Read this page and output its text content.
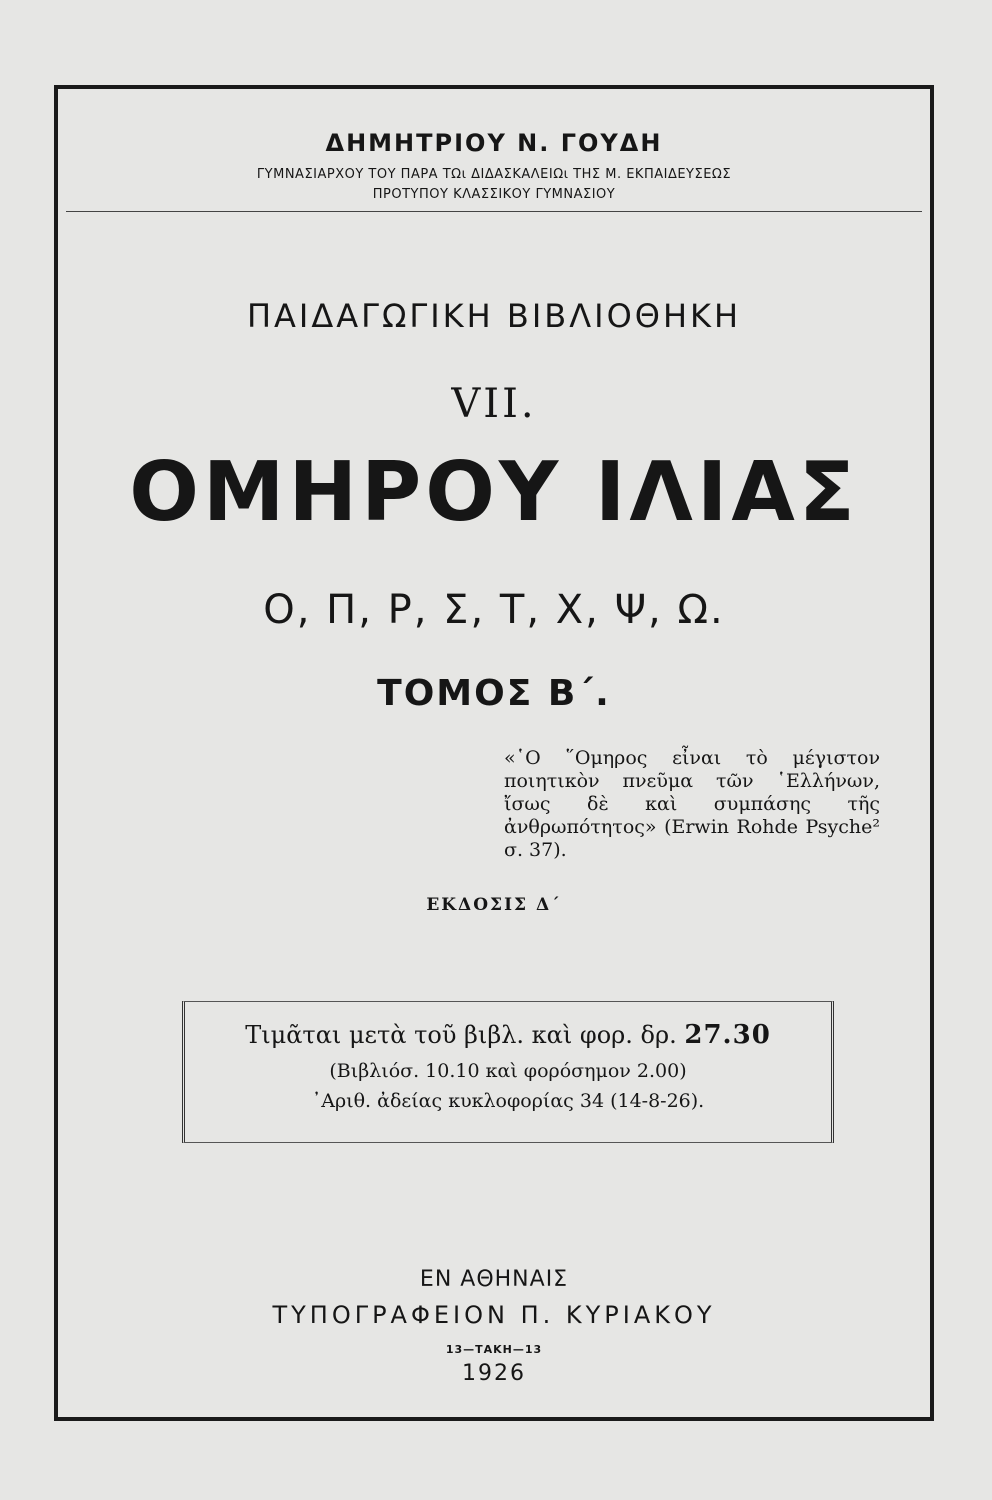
ΔΗΜΗΤΡΙΟΥ Ν. ΓΟΥΔΗ
ΓΥΜΝΑΣΙΑΡΧΟΥ ΤΟΥ ΠΑΡΑ ΤΩι ΔΙΔΑΣΚΑΛΕΙΩι ΤΗΣ Μ. ΕΚΠΑΙΔΕΥΣΕΩΣ
ΠΡΟΤΥΠΟΥ ΚΛΑΣΣΙΚΟΥ ΓΥΜΝΑΣΙΟΥ
ΠΑΙΔΑΓΩΓΙΚΗ ΒΙΒΛΙΟΘΗΚΗ
VII.
ΟΜΗΡΟΥ ΙΛΙΑΣ
Ο, Π, Ρ, Σ, Τ, Χ, Ψ, Ω.
ΤΟΜΟΣ Β΄.
«῾Ο ῞Ομηρος εἶναι τὸ μέγιστον ποιητικὸν πνεῦμα τῶν ῾Ελλήνων, ἴσως δὲ καὶ συμπάσης τῆς ἀνθρωπότητος» (Erwin Rohde Psyche² σ. 37).
ΕΚΔΟΣΙΣ Δ΄
Τιμᾶται μετὰ τοῦ βιβλ. καὶ φορ. δρ. 27.30
(Βιβλιόσ. 10.10 καὶ φορόσημον 2.00)
᾿Αριθ. ἀδείας κυκλοφορίας 34 (14-8-26).
ΕΝ ΑΘΗΝΑΙΣ
ΤΥΠΟΓΡΑΦΕΙΟΝ Π. ΚΥΡΙΑΚΟΥ
13—ΤΑΚΗ—13
1926
